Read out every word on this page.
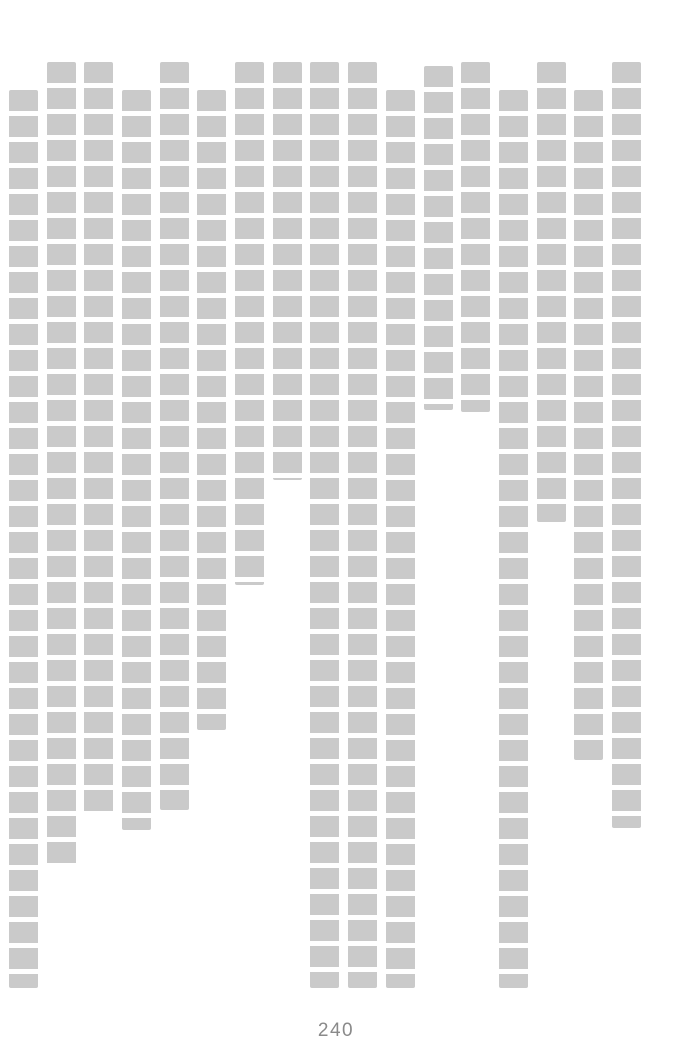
240
